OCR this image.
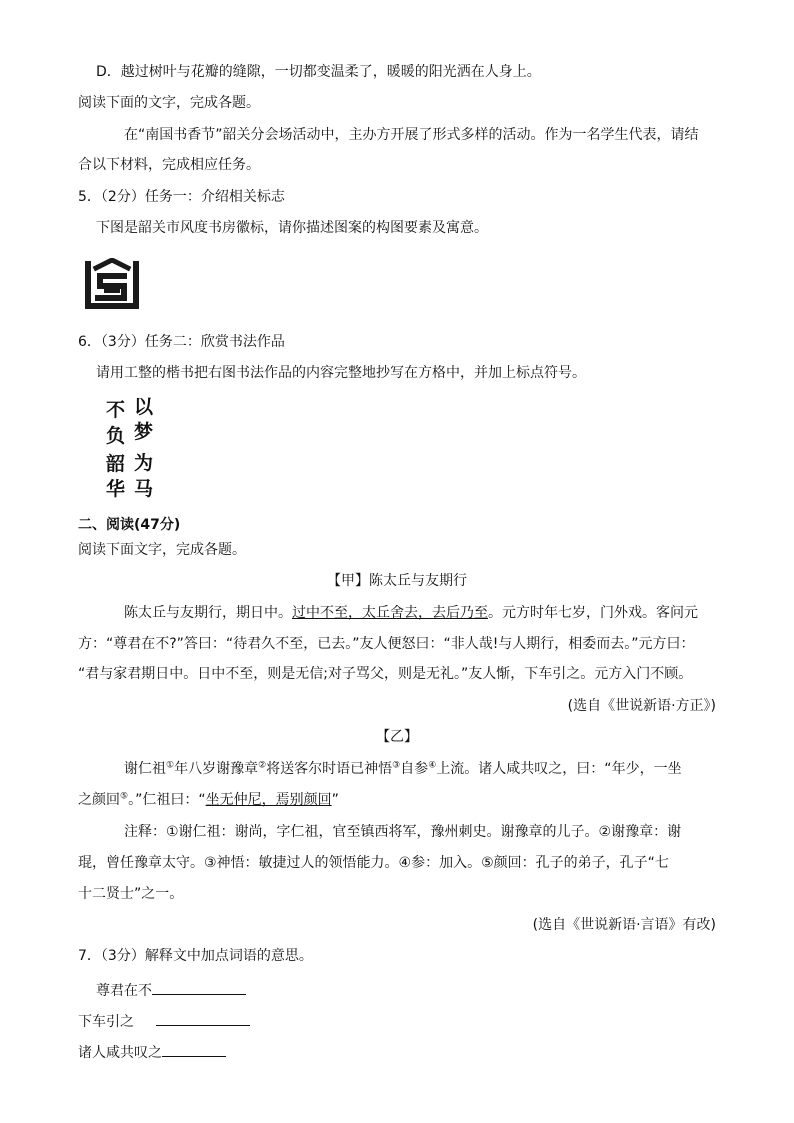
D．越过树叶与花瓣的缝隙，一切都变温柔了，暖暖的阳光洒在人身上。
阅读下面的文字，完成各题。
在“南国书香节”韶关分会场活动中，主办方开展了形式多样的活动。作为一名学生代表，请结
合以下材料，完成相应任务。
5．（2分）任务一：介绍相关标志
下图是韶关市风度书房徽标，请你描述图案的构图要素及寓意。
6．（3分）任务二：欣赏书法作品
请用工整的楷书把右图书法作品的内容完整地抄写在方格中，并加上标点符号。
以
梦
为
马
不
负
韶
华
二、阅读(47分)
阅读下面文字，完成各题。
【甲】陈太丘与友期行
陈太丘与友期行，期日中。过中不至，太丘舍去，去后乃至。元方时年七岁，门外戏。客问元
方：“尊君在不?”答曰：“待君久不至，已去。”友人便怒曰：“非人哉!与人期行，相委而去。”元方曰：
“君与家君期日中。日中不至，则是无信;对子骂父，则是无礼。”友人惭，下车引之。元方入门不顾。
(选自《世说新语·方正》)
【乙】
谢仁祖①年八岁谢豫章②将送客尔时语已神悟③自参④上流。诸人咸共叹之，曰：“年少，一坐
之颜回⑤。”仁祖曰：“坐无仲尼，焉别颜回”
注释：①谢仁祖：谢尚，字仁祖，官至镇西将军，豫州刺史。谢豫章的儿子。②谢豫章：谢
琨，曾任豫章太守。③神悟：敏捷过人的领悟能力。④参：加入。⑤颜回：孔子的弟子，孔子“七
十二贤士”之一。
(选自《世说新语·言语》有改)
7．（3分）解释文中加点词语的意思。
尊君在不
下车引之
诸人咸共叹之
